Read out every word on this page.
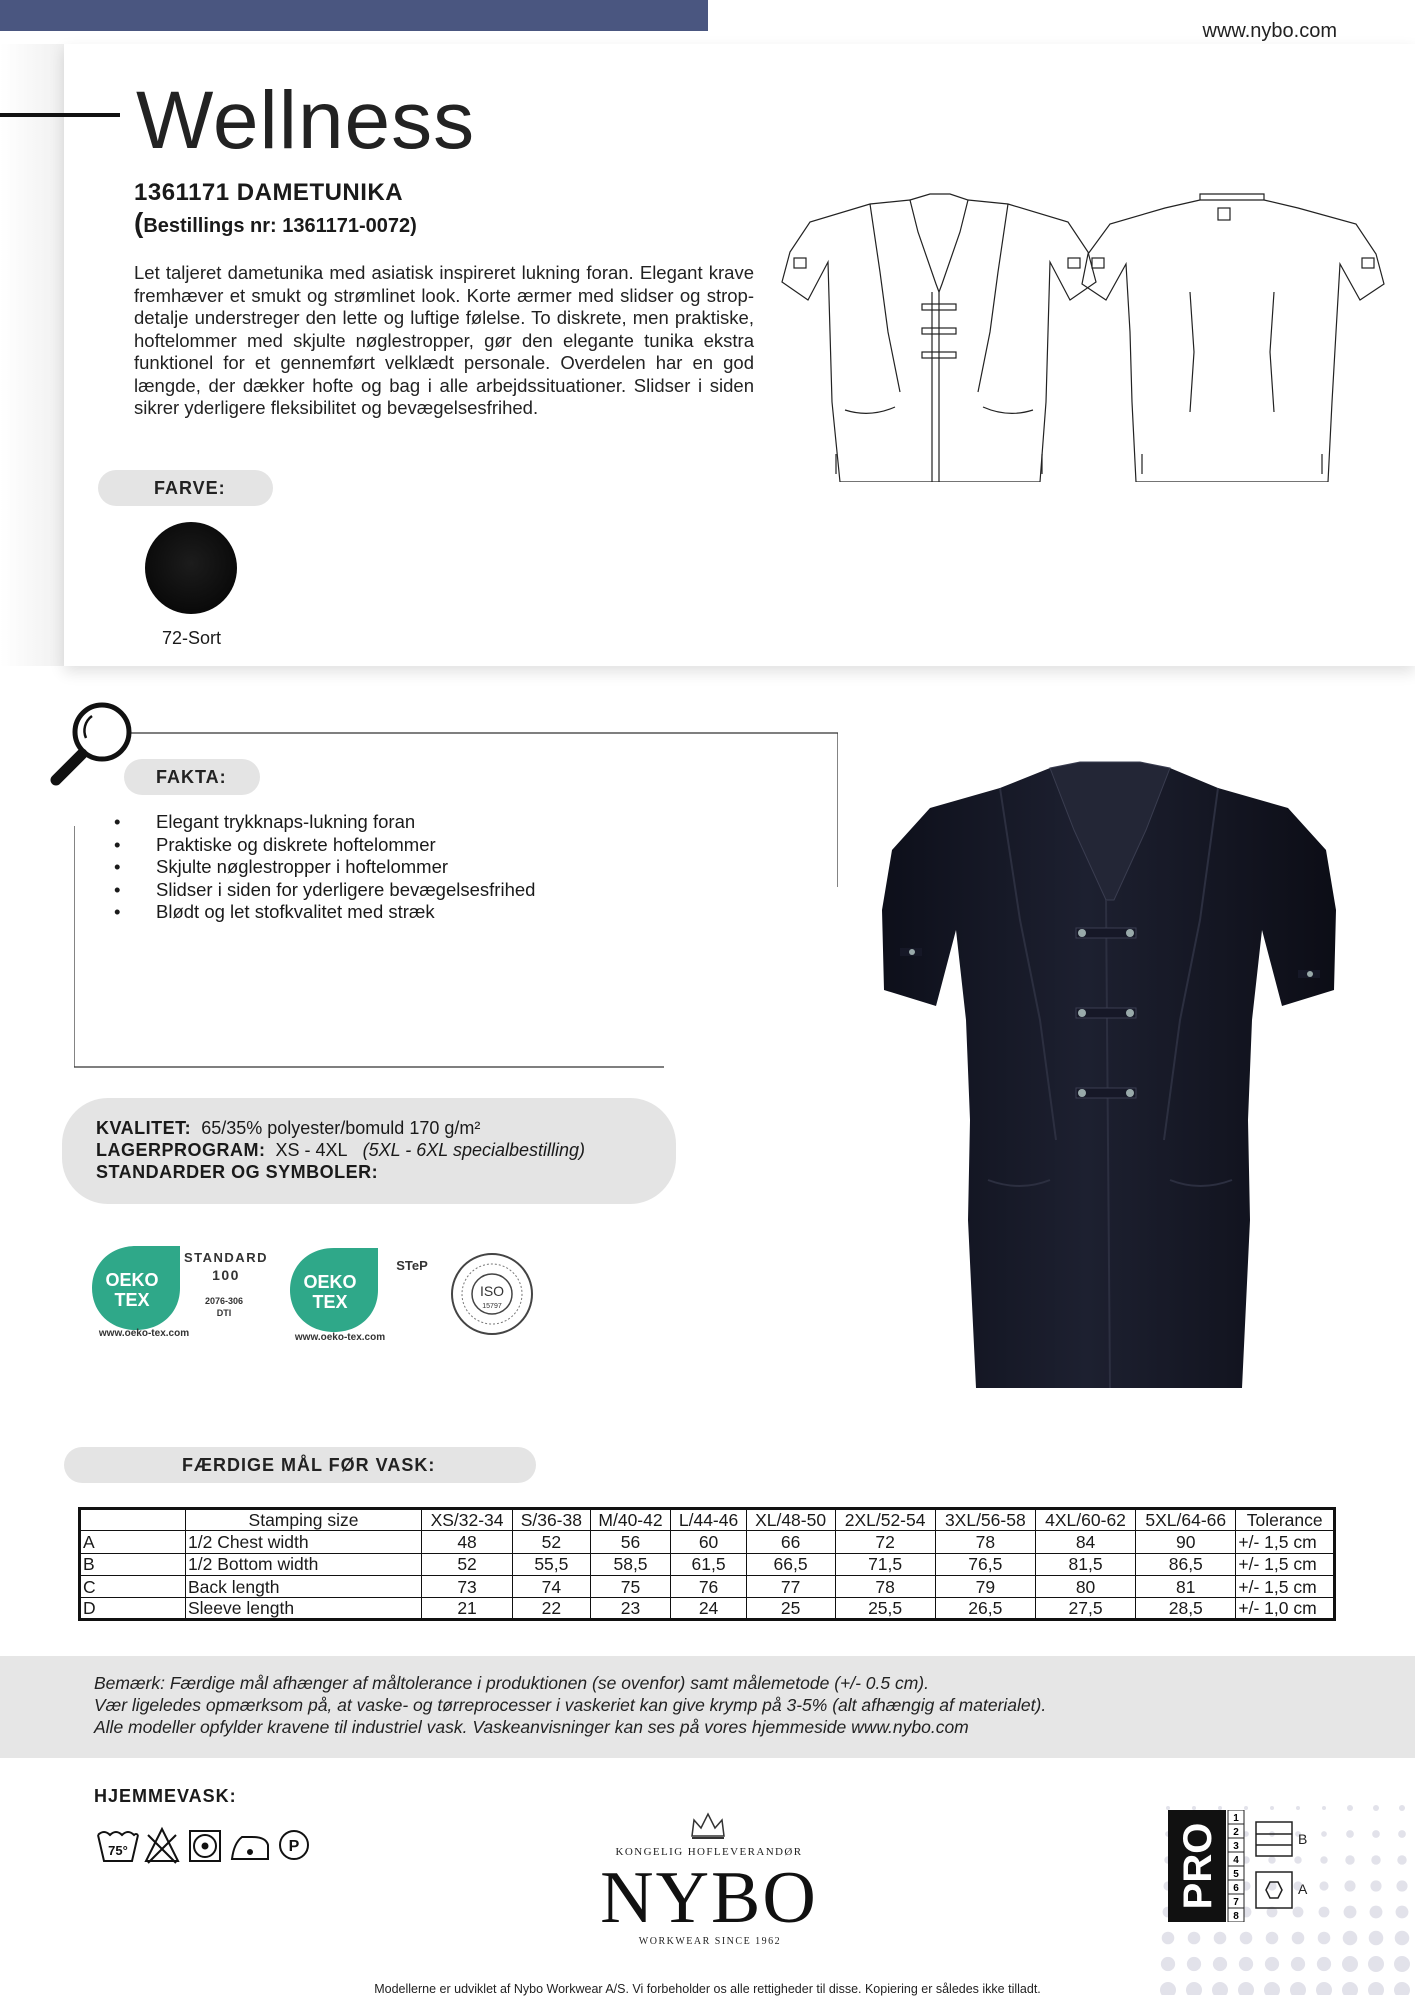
www.nybo.com
Wellness
1361171 DAMETUNIKA
(Bestillings nr: 1361171-0072)
Let taljeret dametunika med asiatisk inspireret lukning foran. Elegant krave fremhæver et smukt og strømlinet look. Korte ærmer med slidser og strop-detalje understreger den lette og luftige følelse. To diskrete, men praktiske, hoftelommer med skjulte nøglestropper, gør den elegante tunika ekstra funktionel for et gennemført velklædt personale. Overdelen har en god længde, der dækker hofte og bag i alle arbejdssituationer. Slidser i siden sikrer yderligere fleksibilitet og bevægelsesfrihed.
FARVE:
72-Sort
FAKTA:
• Elegant trykknaps-lukning foran
• Praktiske og diskrete hoftelommer
• Skjulte nøglestropper i hoftelommer
• Slidser i siden for yderligere bevægelsesfrihed
• Blødt og let stofkvalitet med stræk
KVALITET: 65/35% polyester/bomuld 170 g/m²
LAGERPROGRAM: XS - 4XL (5XL - 6XL specialbestilling)
STANDARDER OG SYMBOLER:
OEKO
TEX
STANDARD
100
2076-306
DTI
www.oeko-tex.com
OEKO
TEX
STeP
www.oeko-tex.com
ISO
15797
FÆRDIGE MÅL FØR VASK:
	Stamping size	XS/32-34	S/36-38	M/40-42	L/44-46	XL/48-50	2XL/52-54	3XL/56-58	4XL/60-62	5XL/64-66	Tolerance
A	1/2 Chest width	48	52	56	60	66	72	78	84	90	+/- 1,5 cm
B	1/2 Bottom width	52	55,5	58,5	61,5	66,5	71,5	76,5	81,5	86,5	+/- 1,5 cm
C	Back length	73	74	75	76	77	78	79	80	81	+/- 1,5 cm
D	Sleeve length	21	22	23	24	25	25,5	26,5	27,5	28,5	+/- 1,0 cm
Bemærk: Færdige mål afhænger af måltolerance i produktionen (se ovenfor) samt målemetode (+/- 0.5 cm).
Vær ligeledes opmærksom på, at vaske- og tørreprocesser i vaskeriet kan give krymp på 3-5% (alt afhængig af materialet).
Alle modeller opfylder kravene til industriel vask. Vaskeanvisninger kan ses på vores hjemmeside www.nybo.com
HJEMMEVASK:
75°	P	KONGELIG HOFLEVERANDØR
NYBO
WORKWEAR SINCE 1962
PRO
1
2
3
4
5
6
7
8
B
A
Modellerne er udviklet af Nybo Workwear A/S. Vi forbeholder os alle rettigheder til disse. Kopiering er således ikke tilladt.
